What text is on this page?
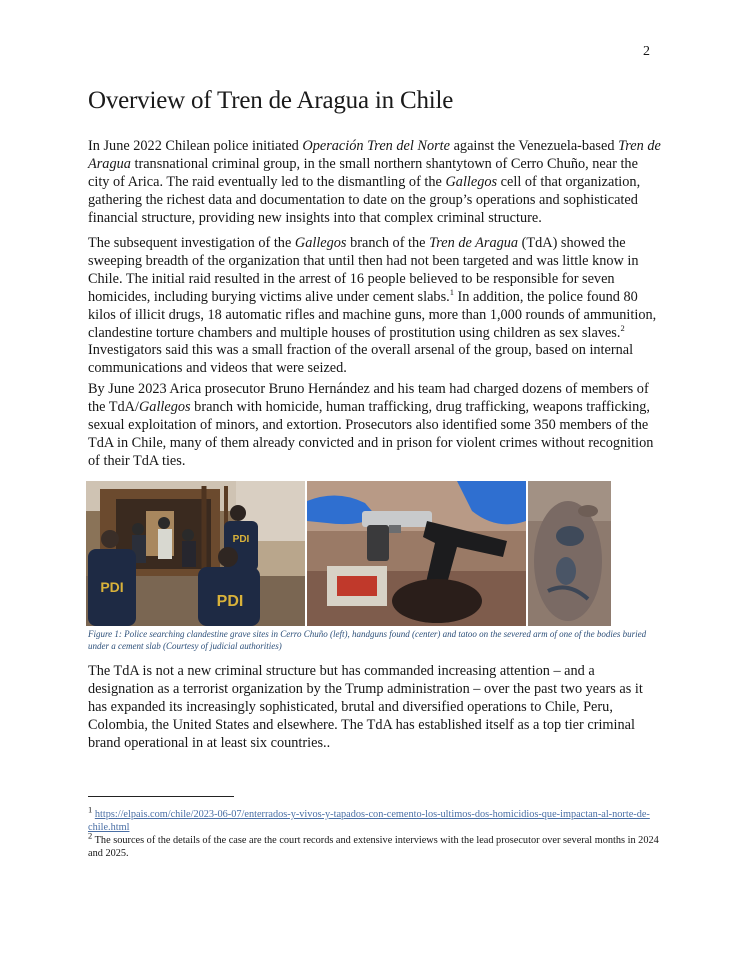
2
Overview of Tren de Aragua in Chile

In June 2022 Chilean police initiated Operación Tren del Norte against the Venezuela-based Tren de Aragua transnational criminal group, in the small northern shantytown of Cerro Chuño, near the city of Arica. The raid eventually led to the dismantling of the Gallegos cell of that organization, gathering the richest data and documentation to date on the group’s operations and sophisticated financial structure, providing new insights into that complex criminal structure.

The subsequent investigation of the Gallegos branch of the Tren de Aragua (TdA) showed the sweeping breadth of the organization that until then had not been targeted and was little know in Chile. The initial raid resulted in the arrest of 16 people believed to be responsible for seven homicides, including burying victims alive under cement slabs.$^1$ In addition, the police found 80 kilos of illicit drugs, 18 automatic rifles and machine guns, more than 1,000 rounds of ammunition, clandestine torture chambers and multiple houses of prostitution using children as sex slaves.$^2$ Investigators said this was a small fraction of the overall arsenal of the group, based on internal communications and videos that were seized.

By June 2023 Arica prosecutor Bruno Hernández and his team had charged dozens of members of the TdA/Gallegos branch with homicide, human trafficking, drug trafficking, weapons trafficking, sexual exploitation of minors, and extortion. Prosecutors also identified some 350 members of the TdA in Chile, many of them already convicted and in prison for violent crimes without recognition of their TdA ties.

PDI
PDI
PDI

Figure 1: Police searching clandestine grave sites in Cerro Chuño (left), handguns found (center) and tatoo on the severed arm of one of the bodies buried under a cement slab (Courtesy of judicial authorities)

The TdA is not a new criminal structure but has commanded increasing attention – and a designation as a terrorist organization by the Trump administration – over the past two years as it has expanded its increasingly sophisticated, brutal and diversified operations to Chile, Peru, Colombia, the United States and elsewhere. The TdA has established itself as a top tier criminal brand operational in at least six countries..

$^1$ https://elpais.com/chile/2023-06-07/enterrados-y-vivos-y-tapados-con-cemento-los-ultimos-dos-homicidios-que-impactan-al-norte-de-chile.html

$^2$ The sources of the details of the case are the court records and extensive interviews with the lead prosecutor over several months in 2024 and 2025.
